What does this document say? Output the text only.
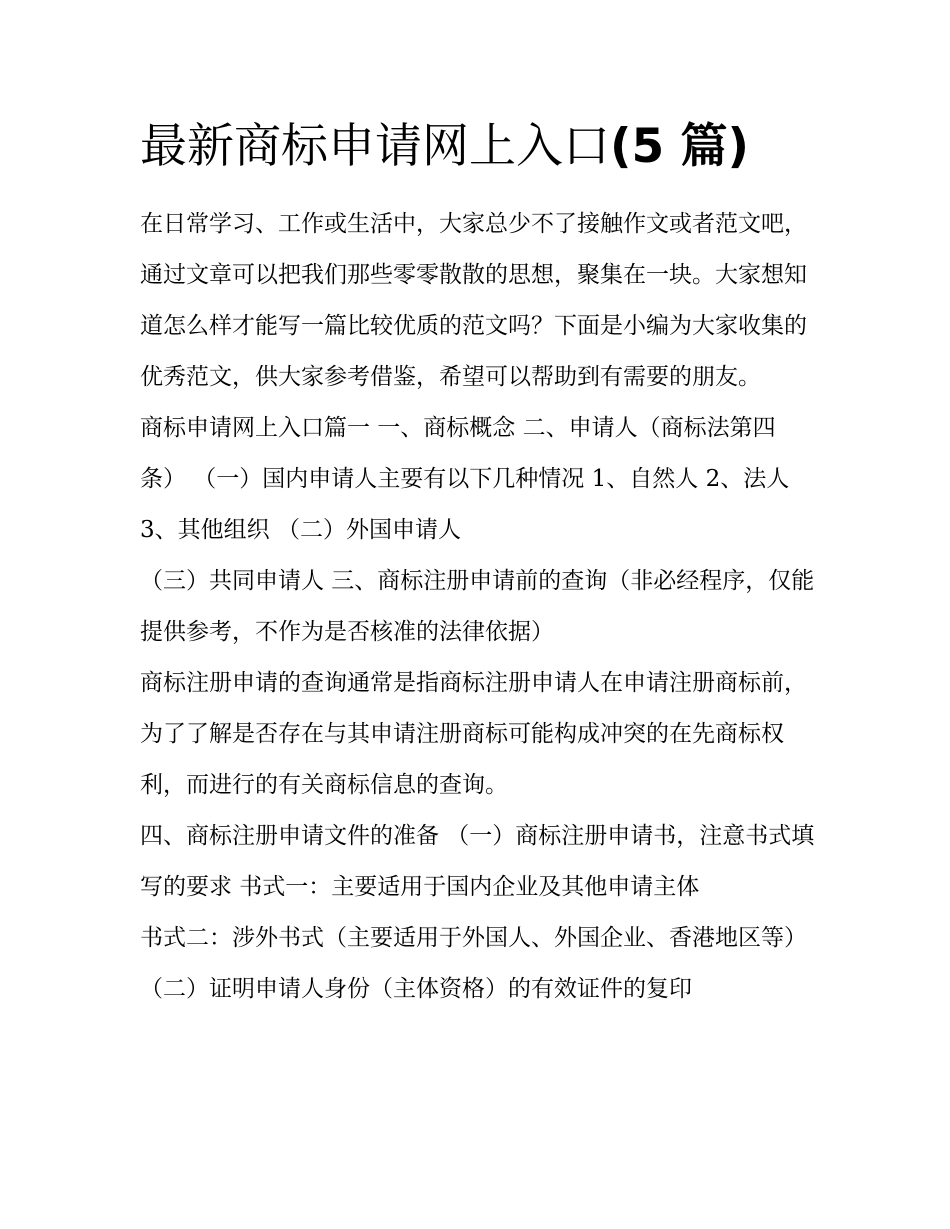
最新商标申请网上入口(5 篇)

在日常学习、工作或生活中，大家总少不了接触作文或者范文吧，通过文章可以把我们那些零零散散的思想，聚集在一块。大家想知道怎么样才能写一篇比较优质的范文吗？下面是小编为大家收集的优秀范文，供大家参考借鉴，希望可以帮助到有需要的朋友。

商标申请网上入口篇一 一、商标概念 二、申请人（商标法第四条） （一）国内申请人主要有以下几种情况 1、自然人 2、法人 3、其他组织 （二）外国申请人

（三）共同申请人 三、商标注册申请前的查询（非必经程序，仅能提供参考，不作为是否核准的法律依据）

商标注册申请的查询通常是指商标注册申请人在申请注册商标前，为了了解是否存在与其申请注册商标可能构成冲突的在先商标权利，而进行的有关商标信息的查询。

四、商标注册申请文件的准备 （一）商标注册申请书，注意书式填写的要求 书式一：主要适用于国内企业及其他申请主体

书式二：涉外书式（主要适用于外国人、外国企业、香港地区等） （二）证明申请人身份（主体资格）的有效证件的复印
